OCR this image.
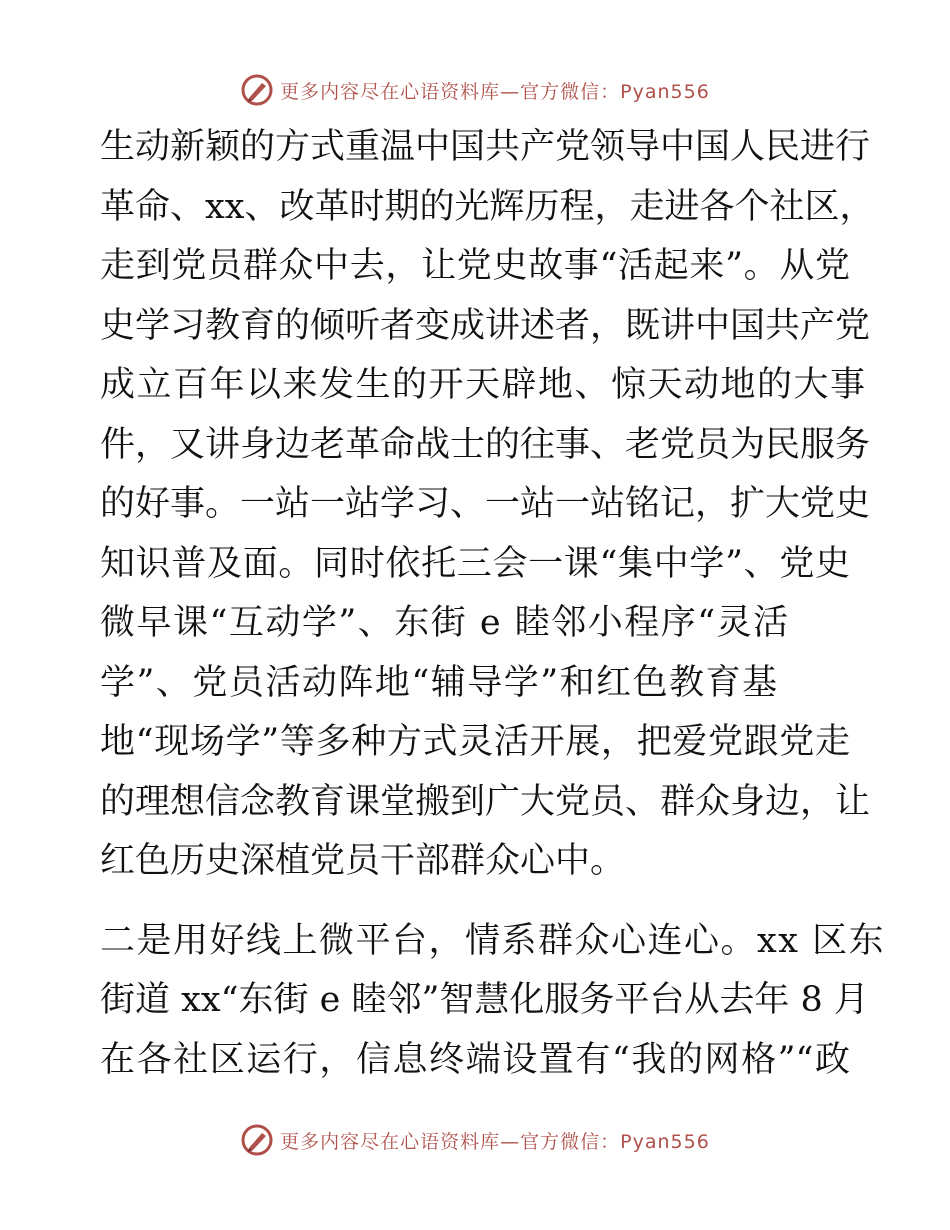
更多内容尽在心语资料库—官方微信：Pyan556
生动新颖的方式重温中国共产党领导中国人民进行
革命、xx、改革时期的光辉历程，走进各个社区，
走到党员群众中去，让党史故事“活起来”。从党
史学习教育的倾听者变成讲述者，既讲中国共产党
成立百年以来发生的开天辟地、惊天动地的大事
件，又讲身边老革命战士的往事、老党员为民服务
的好事。一站一站学习、一站一站铭记，扩大党史
知识普及面。同时依托三会一课“集中学”、党史
微早课“互动学”、东街 e 睦邻小程序“灵活
学”、党员活动阵地“辅导学”和红色教育基
地“现场学”等多种方式灵活开展，把爱党跟党走
的理想信念教育课堂搬到广大党员、群众身边，让
红色历史深植党员干部群众心中。
二是用好线上微平台，情系群众心连心。xx 区东
街道 xx“东街 e 睦邻”智慧化服务平台从去年 8 月
在各社区运行，信息终端设置有“我的网格”“政
更多内容尽在心语资料库—官方微信：Pyan556
